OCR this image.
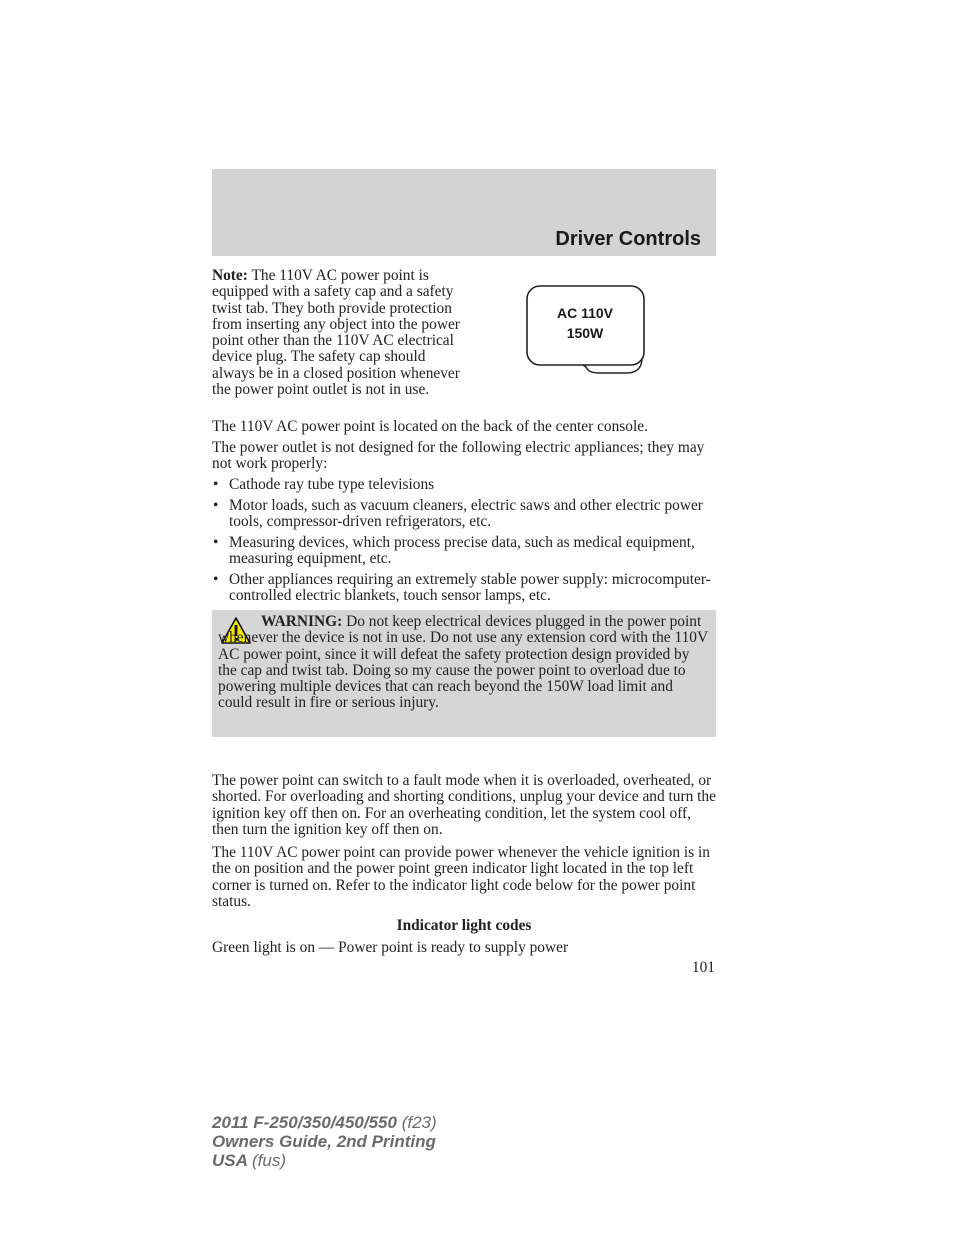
Driver Controls

Note: The 110V AC power point is equipped with a safety cap and a safety twist tab. They both provide protection from inserting any object into the power point other than the 110V AC electrical device plug. The safety cap should always be in a closed position whenever the power point outlet is not in use.

AC 110V
150W

The 110V AC power point is located on the back of the center console.

The power outlet is not designed for the following electric appliances; they may not work properly:

• Cathode ray tube type televisions
• Motor loads, such as vacuum cleaners, electric saws and other electric power tools, compressor-driven refrigerators, etc.
• Measuring devices, which process precise data, such as medical equipment, measuring equipment, etc.
• Other appliances requiring an extremely stable power supply: microcomputer-controlled electric blankets, touch sensor lamps, etc.

WARNING: Do not keep electrical devices plugged in the power point whenever the device is not in use. Do not use any extension cord with the 110V AC power point, since it will defeat the safety protection design provided by the cap and twist tab. Doing so my cause the power point to overload due to powering multiple devices that can reach beyond the 150W load limit and could result in fire or serious injury.

The power point can switch to a fault mode when it is overloaded, overheated, or shorted. For overloading and shorting conditions, unplug your device and turn the ignition key off then on. For an overheating condition, let the system cool off, then turn the ignition key off then on.

The 110V AC power point can provide power whenever the vehicle ignition is in the on position and the power point green indicator light located in the top left corner is turned on. Refer to the indicator light code below for the power point status.

Indicator light codes

Green light is on — Power point is ready to supply power

101

2011 F-250/350/450/550 (f23)
Owners Guide, 2nd Printing
USA (fus)
